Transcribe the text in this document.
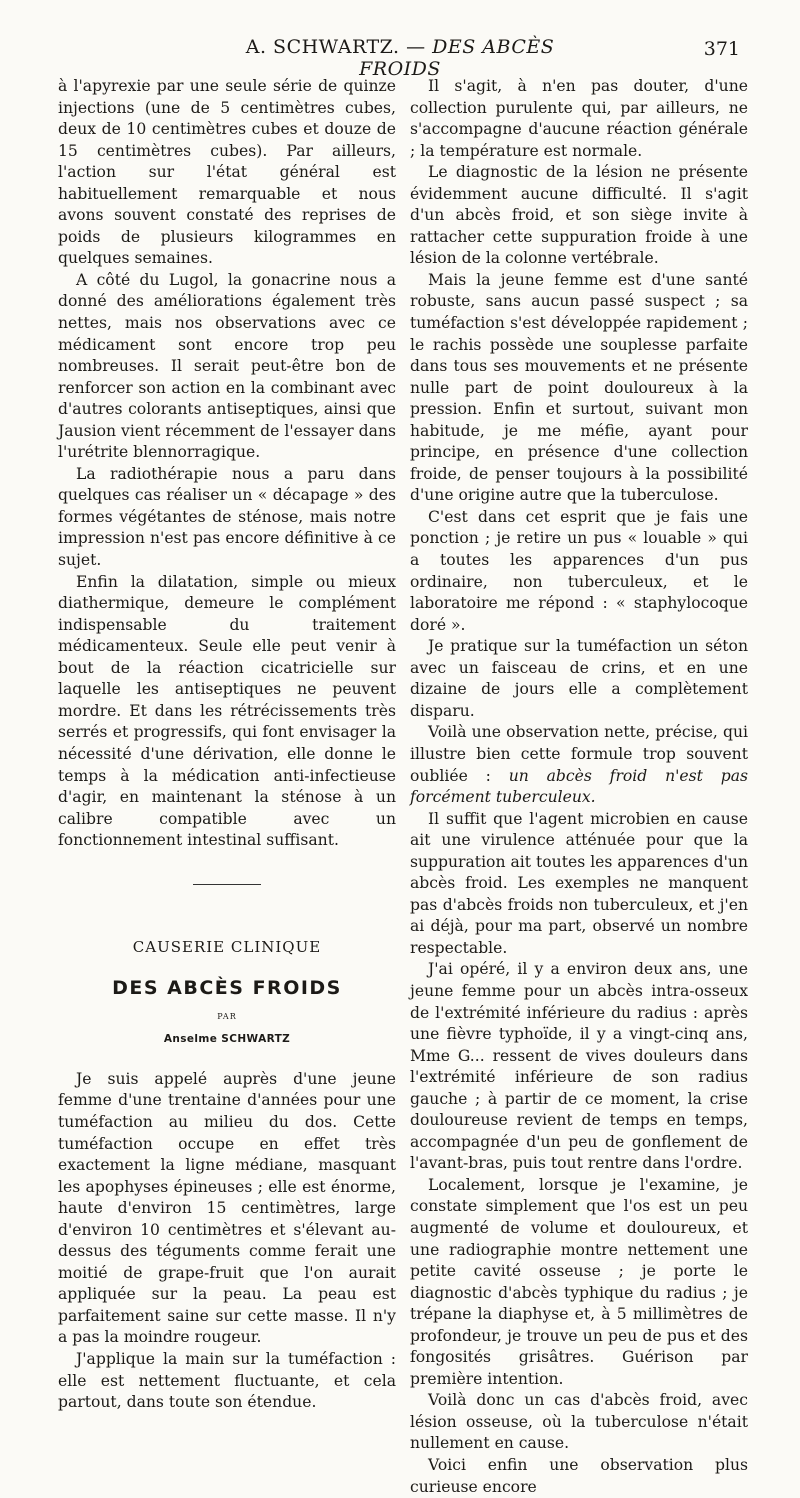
A. SCHWARTZ. — DES ABCÈS FROIDS
371

à l'apyrexie par une seule série de quinze injections (une de 5 centimètres cubes, deux de 10 centimètres cubes et douze de 15 centimètres cubes). Par ailleurs, l'action sur l'état général est habituellement remarquable et nous avons souvent constaté des reprises de poids de plusieurs kilogrammes en quelques semaines.

A côté du Lugol, la gonacrine nous a donné des améliorations également très nettes, mais nos observations avec ce médicament sont encore trop peu nombreuses. Il serait peut-être bon de renforcer son action en la combinant avec d'autres colorants antiseptiques, ainsi que Jausion vient récemment de l'essayer dans l'urétrite blennorragique.

La radiothérapie nous a paru dans quelques cas réaliser un « décapage » des formes végétantes de sténose, mais notre impression n'est pas encore définitive à ce sujet.

Enfin la dilatation, simple ou mieux diathermique, demeure le complément indispensable du traitement médicamenteux. Seule elle peut venir à bout de la réaction cicatricielle sur laquelle les antiseptiques ne peuvent mordre. Et dans les rétrécissements très serrés et progressifs, qui font envisager la nécessité d'une dérivation, elle donne le temps à la médication anti-infectieuse d'agir, en maintenant la sténose à un calibre compatible avec un fonctionnement intestinal suffisant.

CAUSERIE CLINIQUE
DES ABCÈS FROIDS
PAR
Anselme SCHWARTZ

Je suis appelé auprès d'une jeune femme d'une trentaine d'années pour une tuméfaction au milieu du dos. Cette tuméfaction occupe en effet très exactement la ligne médiane, masquant les apophyses épineuses ; elle est énorme, haute d'environ 15 centimètres, large d'environ 10 centimètres et s'élevant au-dessus des téguments comme ferait une moitié de grape-fruit que l'on aurait appliquée sur la peau. La peau est parfaitement saine sur cette masse. Il n'y a pas la moindre rougeur.

J'applique la main sur la tuméfaction : elle est nettement fluctuante, et cela partout, dans toute son étendue.

Il s'agit, à n'en pas douter, d'une collection purulente qui, par ailleurs, ne s'accompagne d'aucune réaction générale ; la température est normale.

Le diagnostic de la lésion ne présente évidemment aucune difficulté. Il s'agit d'un abcès froid, et son siège invite à rattacher cette suppuration froide à une lésion de la colonne vertébrale.

Mais la jeune femme est d'une santé robuste, sans aucun passé suspect ; sa tuméfaction s'est développée rapidement ; le rachis possède une souplesse parfaite dans tous ses mouvements et ne présente nulle part de point douloureux à la pression. Enfin et surtout, suivant mon habitude, je me méfie, ayant pour principe, en présence d'une collection froide, de penser toujours à la possibilité d'une origine autre que la tuberculose.

C'est dans cet esprit que je fais une ponction ; je retire un pus « louable » qui a toutes les apparences d'un pus ordinaire, non tuberculeux, et le laboratoire me répond : « staphylocoque doré ».

Je pratique sur la tuméfaction un séton avec un faisceau de crins, et en une dizaine de jours elle a complètement disparu.

Voilà une observation nette, précise, qui illustre bien cette formule trop souvent oubliée : un abcès froid n'est pas forcément tuberculeux.

Il suffit que l'agent microbien en cause ait une virulence atténuée pour que la suppuration ait toutes les apparences d'un abcès froid. Les exemples ne manquent pas d'abcès froids non tuberculeux, et j'en ai déjà, pour ma part, observé un nombre respectable.

J'ai opéré, il y a environ deux ans, une jeune femme pour un abcès intra-osseux de l'extrémité inférieure du radius : après une fièvre typhoïde, il y a vingt-cinq ans, Mme G... ressent de vives douleurs dans l'extrémité inférieure de son radius gauche ; à partir de ce moment, la crise douloureuse revient de temps en temps, accompagnée d'un peu de gonflement de l'avant-bras, puis tout rentre dans l'ordre.

Localement, lorsque je l'examine, je constate simplement que l'os est un peu augmenté de volume et douloureux, et une radiographie montre nettement une petite cavité osseuse ; je porte le diagnostic d'abcès typhique du radius ; je trépane la diaphyse et, à 5 millimètres de profondeur, je trouve un peu de pus et des fongosités grisâtres. Guérison par première intention.

Voilà donc un cas d'abcès froid, avec lésion osseuse, où la tuberculose n'était nullement en cause.

Voici enfin une observation plus curieuse encore
